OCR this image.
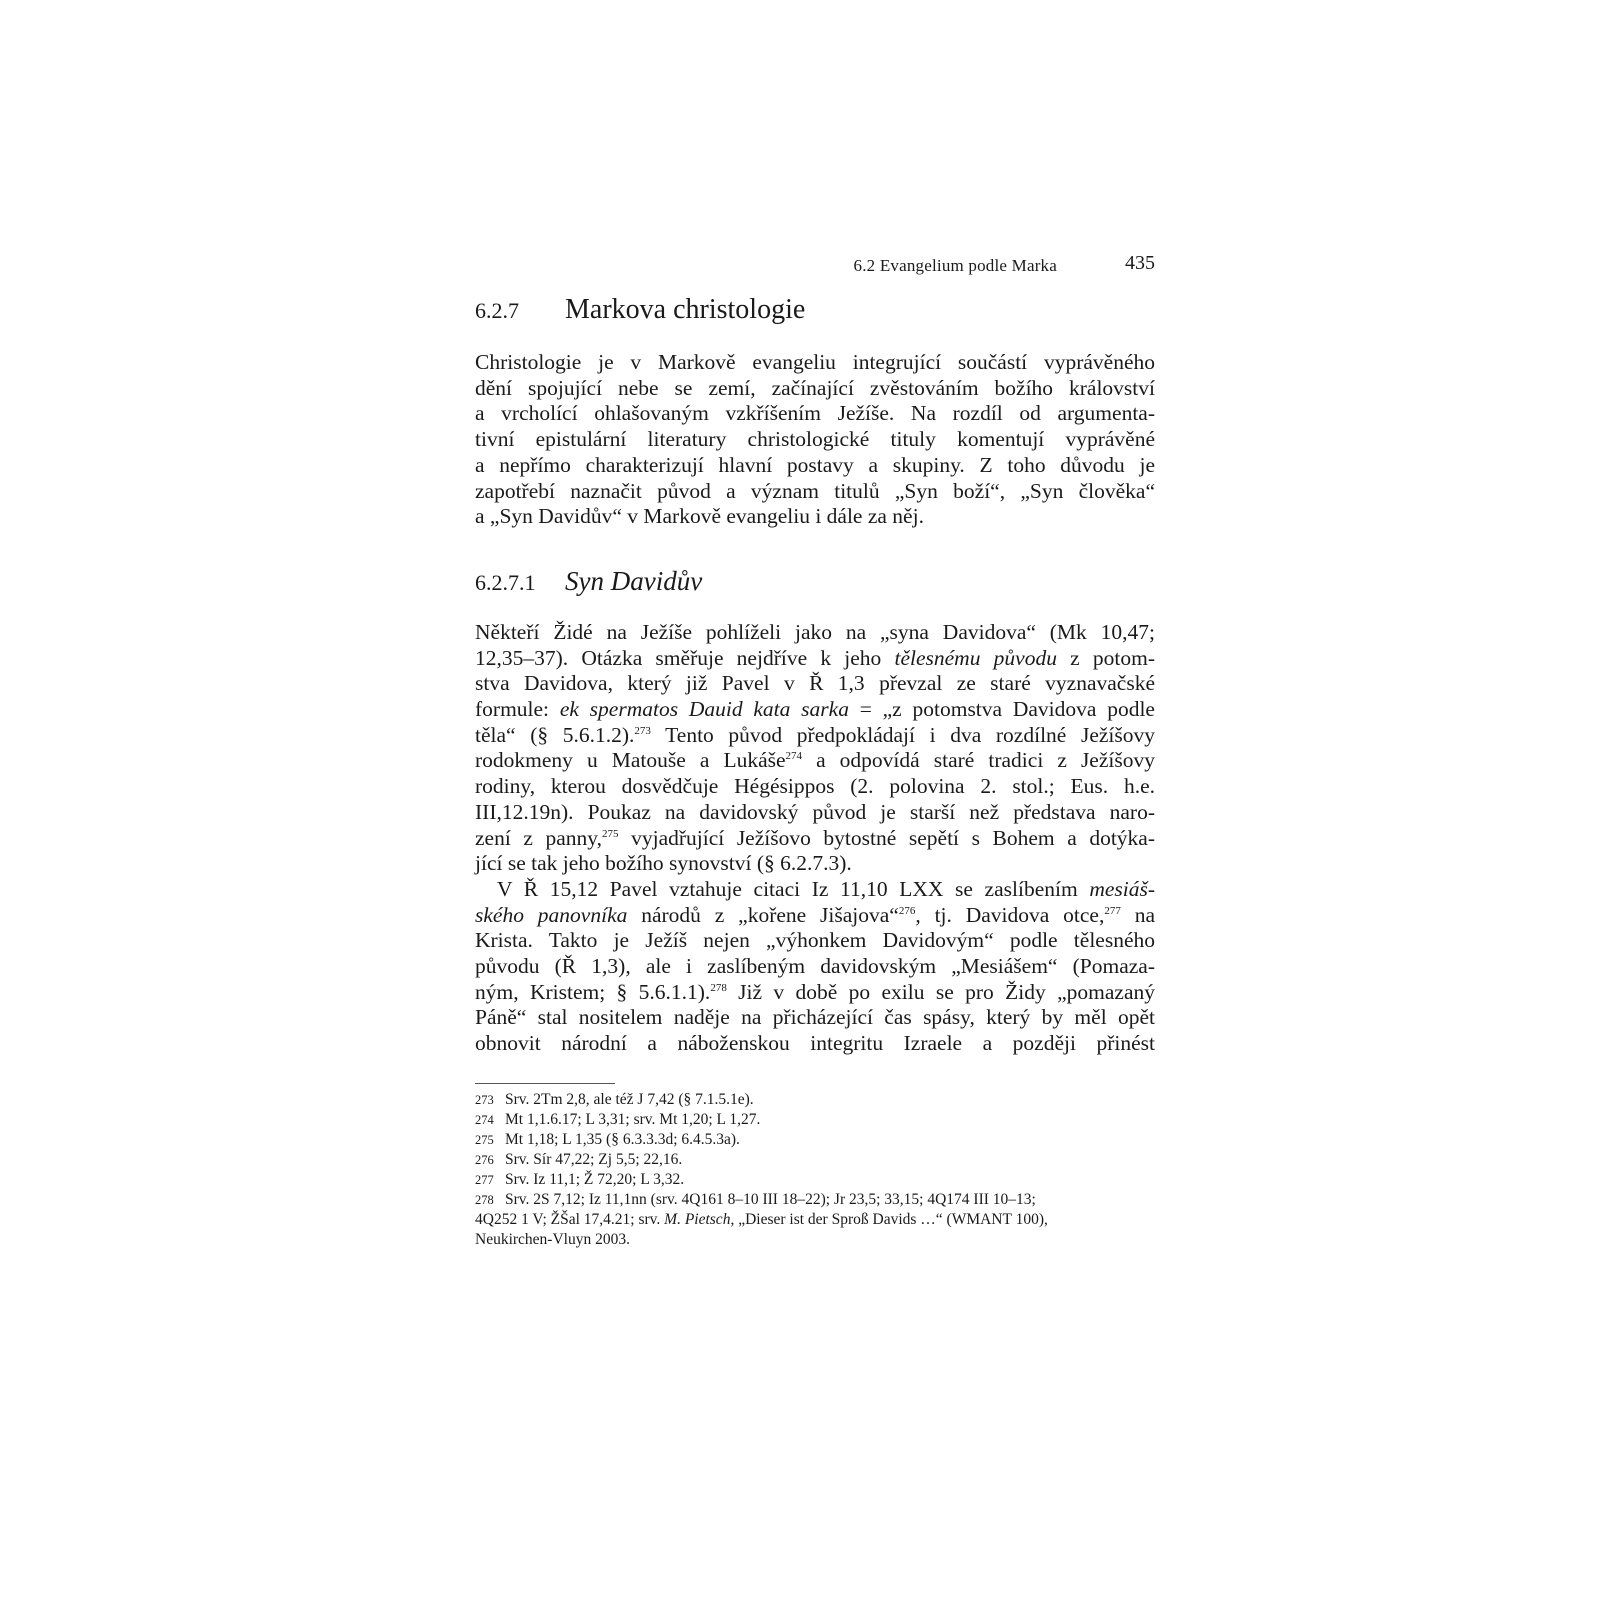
6.2 Evangelium podle Marka	435
6.2.7 Markova christologie

Christologie je v Markově evangeliu integrující součástí vyprávěného
dění spojující nebe se zemí, začínající zvěstováním božího království
a vrcholící ohlašovaným vzkříšením Ježíše. Na rozdíl od argumenta-
tivní epistulární literatury christologické tituly komentují vyprávěné
a nepřímo charakterizují hlavní postavy a skupiny. Z toho důvodu je
zapotřebí naznačit původ a význam titulů „Syn boží“, „Syn člověka“
a „Syn Davidův“ v Markově evangeliu i dále za něj.

6.2.7.1 Syn Davidův

Někteří Židé na Ježíše pohlíželi jako na „syna Davidova“ (Mk 10,47;
12,35–37). Otázka směřuje nejdříve k jeho tělesnému původu z potom-
stva Davidova, který již Pavel v Ř 1,3 převzal ze staré vyznavačské
formule: ek spermatos Dauid kata sarka = „z potomstva Davidova podle
těla“ (§ 5.6.1.2).$^{273}$ Tento původ předpokládají i dva rozdílné Ježíšovy
rodokmeny u Matouše a Lukáše$^{274}$ a odpovídá staré tradici z Ježíšovy
rodiny, kterou dosvědčuje Hégésippos (2. polovina 2. stol.; Eus. h.e.
III,12.19n). Poukaz na davidovský původ je starší než představa naro-
zení z panny,$^{275}$ vyjadřující Ježíšovo bytostné sepětí s Bohem a dotýka-
jící se tak jeho božího synovství (§ 6.2.7.3).

V Ř 15,12 Pavel vztahuje citaci Iz 11,10 LXX se zaslíbením mesiáš-
ského panovníka národů z „kořene Jišajova“$^{276}$, tj. Davidova otce,$^{277}$ na
Krista. Takto je Ježíš nejen „výhonkem Davidovým“ podle tělesného
původu (Ř 1,3), ale i zaslíbeným davidovským „Mesiášem“ (Pomaza-
ným, Kristem; § 5.6.1.1).$^{278}$ Již v době po exilu se pro Židy „pomazaný
Páně“ stal nositelem naděje na přicházející čas spásy, který by měl opět
obnovit národní a náboženskou integritu Izraele a později přinést

273 Srv. 2Tm 2,8, ale též J 7,42 (§ 7.1.5.1e).

274 Mt 1,1.6.17; L 3,31; srv. Mt 1,20; L 1,27.

275 Mt 1,18; L 1,35 (§ 6.3.3.3d; 6.4.5.3a).

276 Srv. Sír 47,22; Zj 5,5; 22,16.

277 Srv. Iz 11,1; Ž 72,20; L 3,32.

278 Srv. 2S 7,12; Iz 11,1nn (srv. 4Q161 8–10 III 18–22); Jr 23,5; 33,15; 4Q174 III 10–13;
4Q252 1 V; ŽŠal 17,4.21; srv. M. Pietsch, „Dieser ist der Sproß Davids …“ (WMANT 100),
Neukirchen-Vluyn 2003.
